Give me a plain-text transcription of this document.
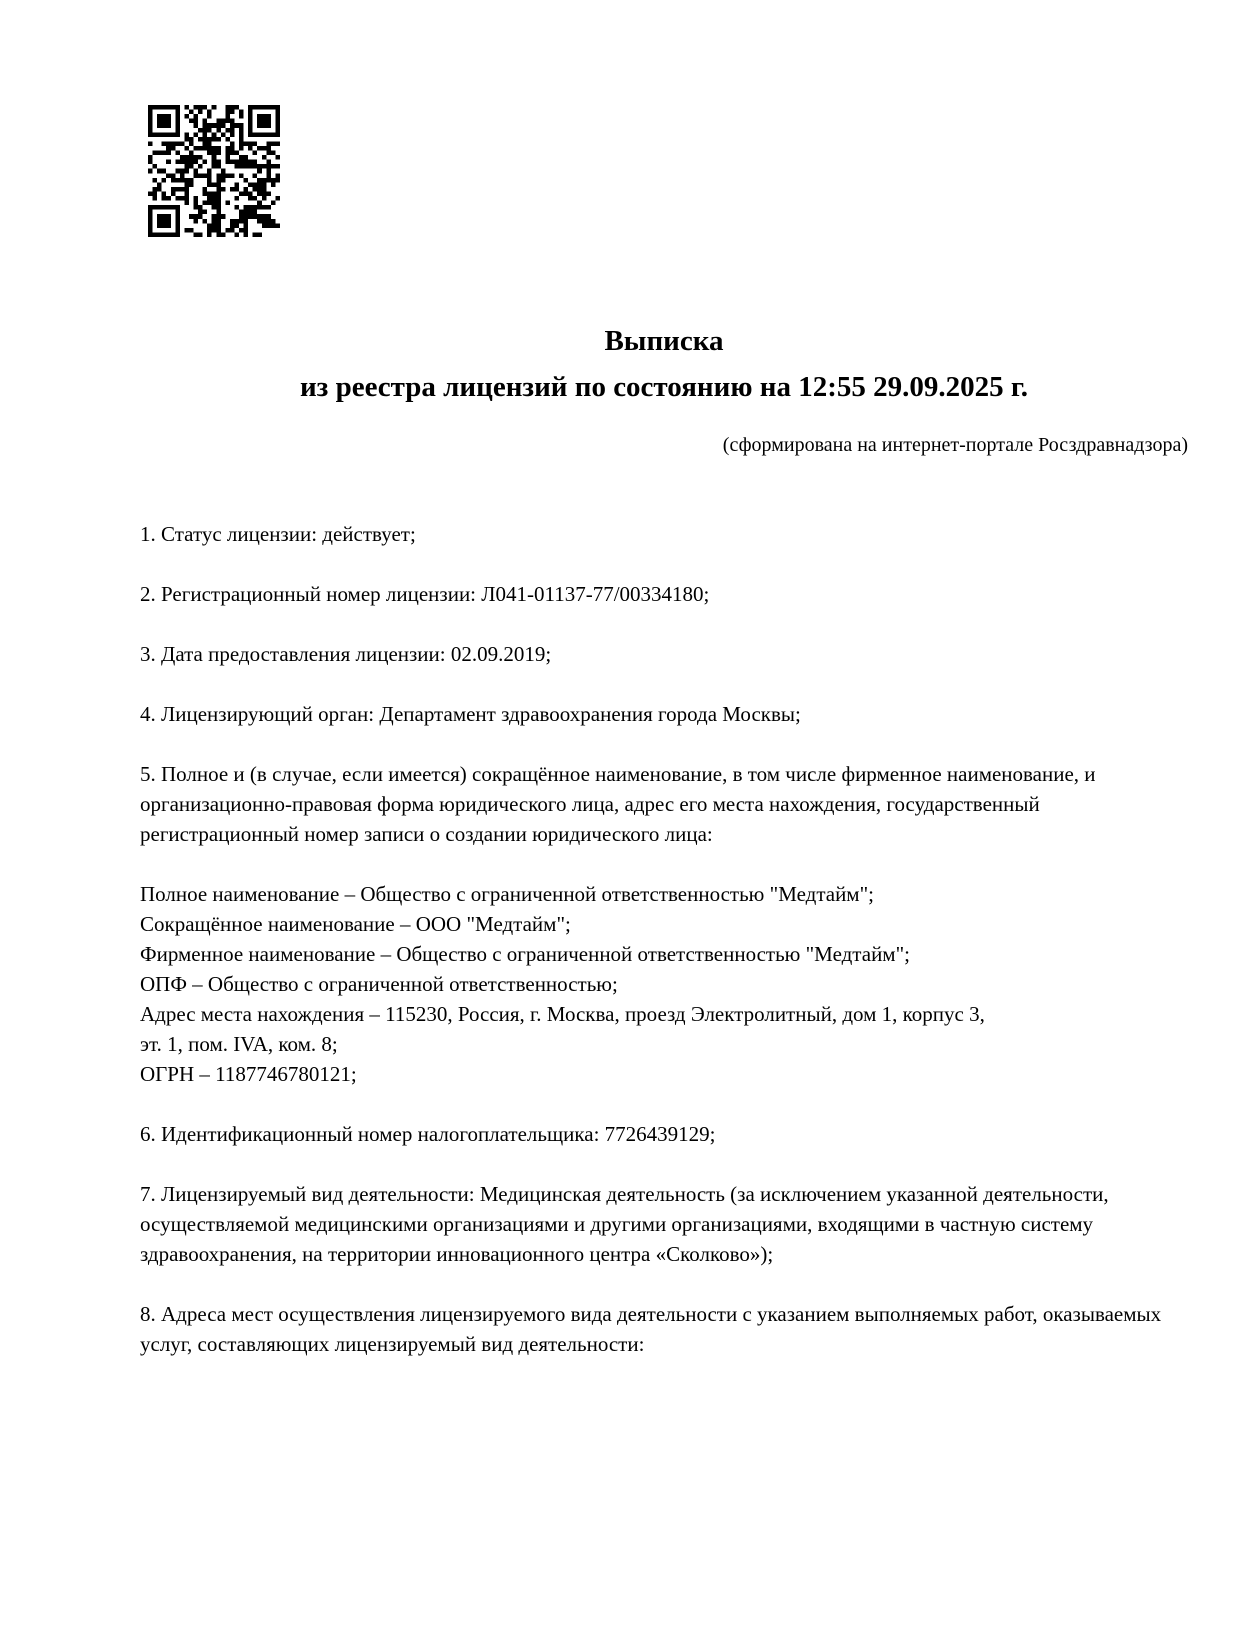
Выписка
из реестра лицензий по состоянию на 12:55 29.09.2025 г.
(сформирована на интернет-портале Росздравнадзора)
1. Статус лицензии: действует;
2. Регистрационный номер лицензии: Л041-01137-77/00334180;
3. Дата предоставления лицензии: 02.09.2019;
4. Лицензирующий орган: Департамент здравоохранения города Москвы;
5. Полное и (в случае, если имеется) сокращённое наименование, в том числе фирменное наименование, и организационно-правовая форма юридического лица, адрес его места нахождения, государственный регистрационный номер записи о создании юридического лица:
Полное наименование – Общество с ограниченной ответственностью "Медтайм";
Сокращённое наименование – ООО "Медтайм";
Фирменное наименование – Общество с ограниченной ответственностью "Медтайм";
ОПФ – Общество с ограниченной ответственностью;
Адрес места нахождения – 115230, Россия, г. Москва, проезд Электролитный, дом 1, корпус 3,
эт. 1, пом. IVA, ком. 8;
ОГРН – 1187746780121;
6. Идентификационный номер налогоплательщика: 7726439129;
7. Лицензируемый вид деятельности: Медицинская деятельность (за исключением указанной деятельности, осуществляемой медицинскими организациями и другими организациями, входящими в частную систему здравоохранения, на территории инновационного центра «Сколково»);
8. Адреса мест осуществления лицензируемого вида деятельности с указанием выполняемых работ, оказываемых услуг, составляющих лицензируемый вид деятельности:
